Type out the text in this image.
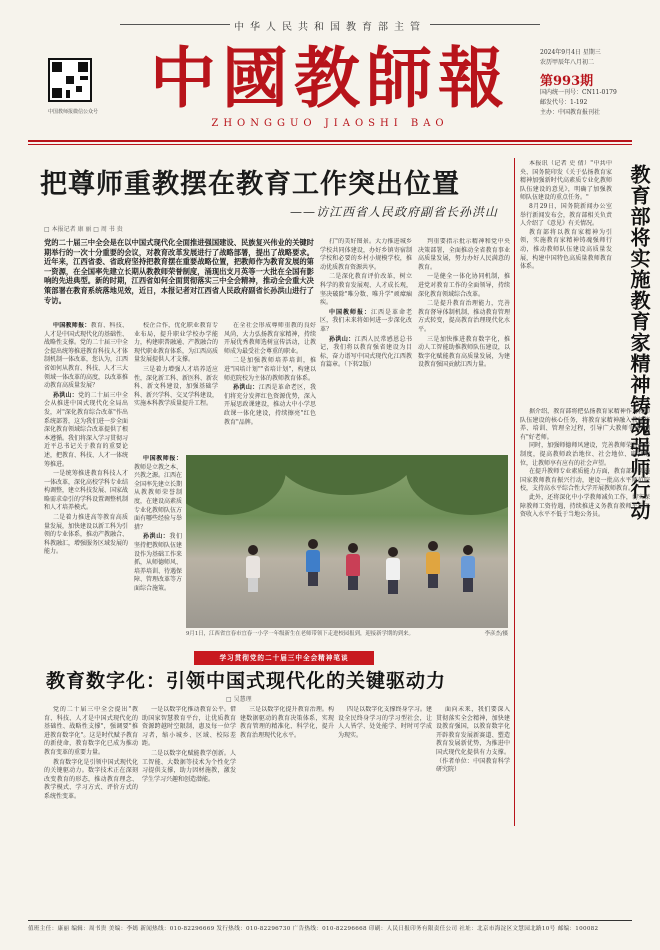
中华人民共和国教育部主管
中国教师报微信公众号 中國教師報
ZHONGGUO JIAOSHI BAO
2024年9月4日 星期三
农历甲辰年八月初二
第993期
国内统一刊号：CN11-0179
邮发代号：1-192
主办：中国教育报刊社
把尊师重教摆在教育工作突出位置
——访江西省人民政府副省长孙洪山
□ 本报记者 康 丽 □ 周 书 贵
党的二十届三中全会是在以中国式现代化全面推进强国建设、民族复兴伟业的关键时期举行的一次十分重要的会议，对教育改革发展进行了战略部署，提出了战略要求。近年来，江西省委、省政府坚持把教育摆在重要战略位置，把教师作为教育发展的第一资源，在全国率先建立长期从教教师荣誉制度，涌现出支月英等一大批在全国有影响的先进典型。新的时期，江西省如何全面贯彻落实三中全会精神，推动全会重大决策部署在教育系统落地见效，近日，本报记者对江西省人民政府副省长孙洪山进行了专访。

打"的美好图景。大力推进城乡学校共同体建设，办好乡镇寄宿制学校和必要的乡村小规模学校，推动优质教育资源共享。

二是深化教育评价改革，树立科学的教育发展观、人才成长观，坚决破除"唯分数、唯升学"顽瘴痼疾。

中国教师报：江西是革命老区，我们未来将如何进一步深化改革？

孙洪山：江西人民常感恩总书记，我们将以教育强省建设为目标，奋力谱写中国式现代化江西教育篇章。（下转2版）

判重要指示批示精神和党中央决策部署，全面推动全省教育事业高质量发展，努力办好人民满意的教育。

一是健全一体化协同机制，推进党对教育工作的全面领导，持续深化教育领域综合改革。

二是提升教育治理能力，完善教育督导体制机制，推动教育管理方式转变，提高教育治理现代化水平。

三是加快推进教育数字化，推动人工智能助推教师队伍建设，以数字化赋能教育高质量发展，为建设教育强国贡献江西力量。

中国教师报：教育、科技、人才是中国式现代化的基础性、战略性支撑。党的二十届三中全会提出统筹推进教育科技人才体制机制一体改革，您认为，江西省如何从教育、科技、人才三大领域一体改革的高度，以改革推动教育高质量发展？

孙洪山：党的二十届三中全会从推进中国式现代化全局出发，对"深化教育综合改革"作出系统部署，这为我们进一步全面深化教育领域综合改革提供了根本遵循。我们将深入学习贯彻习近平总书记关于教育的重要论述，把教育、科技、人才一体统筹推进。

一是统筹推进教育科技人才一体改革，深化高校学科专业结构调整，建立科技发展、国家战略需求牵引的学科设置调整机制和人才培养模式。

二是着力推进高等教育高质量发展，加快建设以新工科为引领的专业体系，推动产教融合、科教融汇，增强服务区域发展的能力。

校企合作，优化职业教育专业布局，提升职业学校办学能力，构建职普融通、产教融合的现代职业教育体系，为江西高质量发展提供人才支撑。

三是着力增强人才培养适应性，深化新工科、新医科、新农科、新文科建设，加强基础学科、新兴学科、交叉学科建设，实施本科教学质量提升工程。

在全社会形成尊师重教的良好风尚，大力弘扬教育家精神，持续开展优秀教师选树宣传活动，让教师成为最受社会尊重的职业。

二是加强教师培养培训，推进"国培计划""省培计划"，构建以师范院校为主体的教师教育体系。

孙洪山：江西是革命老区，我们将充分发挥红色资源优势，深入开展思政课建设，推动大中小学思政课一体化建设，持续擦亮"红色教育"品牌。

中国教师报：教师是立教之本、兴教之源。江西在全国率先建立长期从教教师荣誉制度，在建设高素质专业化教师队伍方面有哪些经验与举措？

孙洪山：我们坚持把教师队伍建设作为基础工作来抓，从师德师风、培养培训、待遇保障、管理改革等方面综合施策。

9月1日，江西省宜春市宜春一小学一年级新生在老师带领下走进校园报到，迎接新学期的到来。	李彦杰/摄
教育部将实施教育家精神铸魂强师行动

本报讯（记者 史 倩）"中共中央、国务院印发《关于弘扬教育家精神加强新时代高素质专业化教师队伍建设的意见》，明确了加强教师队伍建设的重点任务。"

8月29日，国务院新闻办公室举行新闻发布会，教育部相关负责人介绍了《意见》有关情况。

教育部将以教育家精神为引领，实施教育家精神铸魂强师行动，推动教师队伍建设高质量发展，构建中国特色高质量教师教育体系。

据介绍，教育部将把弘扬教育家精神作为教师队伍建设的核心任务，将教育家精神融入教师培养、培训、管理全过程，引导广大教师争做"四有"好老师。

同时，加强师德师风建设，完善教师荣誉表彰制度，提高教师政治地位、社会地位、职业地位，让教师享有应有的社会声望。

在提升教师专业素质能力方面，教育部将实施国家教师教育振兴行动，建设一批高水平师范院校，支持高水平综合性大学开展教师教育。

此外，还将深化中小学教师减负工作，切实保障教师工资待遇，持续推进义务教育教师平均工资收入水平不低于当地公务员。

学习贯彻党的二十届三中全会精神笔谈
教育数字化：引领中国式现代化的关键驱动力
□ 吴慧理

党的二十届三中全会提出"教育、科技、人才是中国式现代化的基础性、战略性支撑"，强调要"推进教育数字化"。这是时代赋予教育的新使命，教育数字化已成为推动教育变革的重要力量。

教育数字化是引领中国式现代化的关键驱动力。数字技术正在深刻改变教育的形态，推动教育理念、教学模式、学习方式、评价方式的系统性变革。

一是以数字化推动教育公平。借助国家智慧教育平台，让优质教育资源跨越时空限制，惠及每一位学习者，缩小城乡、区域、校际差距。

二是以数字化赋能教学创新。人工智能、大数据等技术为个性化学习提供支撑，助力因材施教，激发学生学习兴趣和创造潜能。

三是以数字化提升教育治理。构建数据驱动的教育决策体系，实现教育管理的精准化、科学化，提升教育治理现代化水平。

四是以数字化支撑终身学习。建设全民终身学习的学习型社会，让人人皆学、处处能学、时时可学成为现实。

面向未来，我们要深入贯彻落实全会精神，加快建设教育强国，以教育数字化开辟教育发展新赛道、塑造教育发展新优势，为推进中国式现代化提供有力支撑。（作者单位：中国教育科学研究院）

值班主任：康丽 编辑：周书贵 美编：李嫣 新闻热线：010-82296669 发行热线：010-82296730 广告热线：010-82296668 印刷：人民日报印务有限责任公司 社址：北京市海淀区文慧园北路10号 邮编：100082
